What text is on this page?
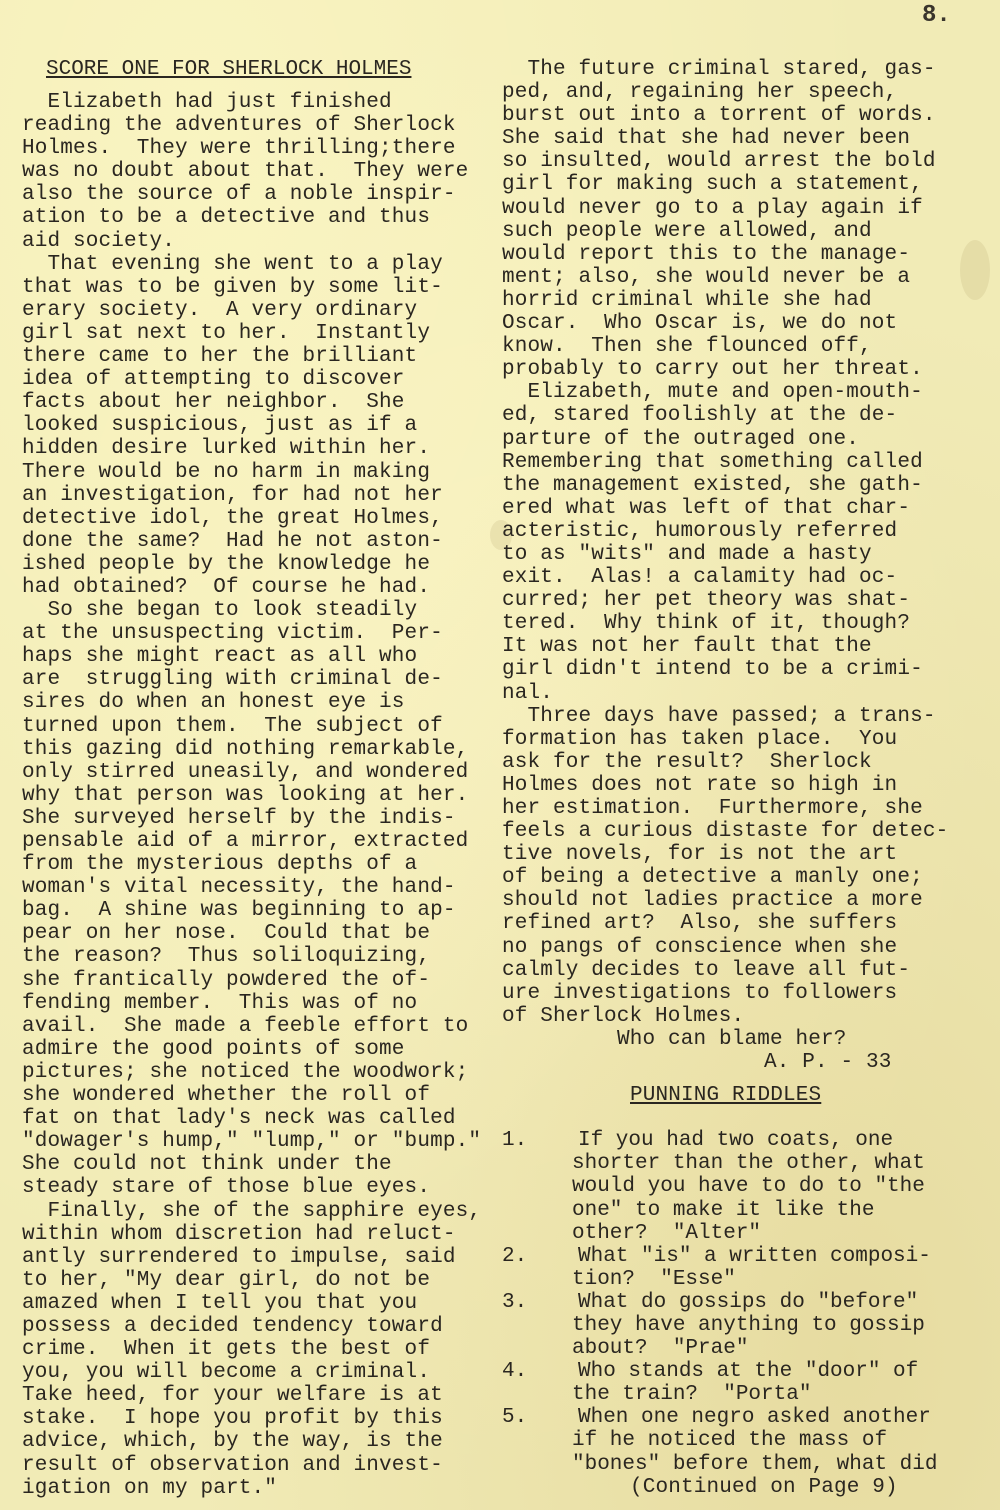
8.
SCORE ONE FOR SHERLOCK HOLMES
Elizabeth had just finished
reading the adventures of Sherlock
Holmes.  They were thrilling;there
was no doubt about that.  They were
also the source of a noble inspir-
ation to be a detective and thus
aid society.
That evening she went to a play
that was to be given by some lit-
erary society.  A very ordinary
girl sat next to her.  Instantly
there came to her the brilliant
idea of attempting to discover
facts about her neighbor.  She
looked suspicious, just as if a
hidden desire lurked within her.
There would be no harm in making
an investigation, for had not her
detective idol, the great Holmes,
done the same?  Had he not aston-
ished people by the knowledge he
had obtained?  Of course he had.
So she began to look steadily
at the unsuspecting victim.  Per-
haps she might react as all who
are  struggling with criminal de-
sires do when an honest eye is
turned upon them.  The subject of
this gazing did nothing remarkable,
only stirred uneasily, and wondered
why that person was looking at her.
She surveyed herself by the indis-
pensable aid of a mirror, extracted
from the mysterious depths of a
woman's vital necessity, the hand-
bag.  A shine was beginning to ap-
pear on her nose.  Could that be
the reason?  Thus soliloquizing,
she frantically powdered the of-
fending member.  This was of no
avail.  She made a feeble effort to
admire the good points of some
pictures; she noticed the woodwork;
she wondered whether the roll of
fat on that lady's neck was called
"dowager's hump," "lump," or "bump."
She could not think under the
steady stare of those blue eyes.
Finally, she of the sapphire eyes,
within whom discretion had reluct-
antly surrendered to impulse, said
to her, "My dear girl, do not be
amazed when I tell you that you
possess a decided tendency toward
crime.  When it gets the best of
you, you will become a criminal.
Take heed, for your welfare is at
stake.  I hope you profit by this
advice, which, by the way, is the
result of observation and invest-
igation on my part."
The future criminal stared, gas-
ped, and, regaining her speech,
burst out into a torrent of words.
She said that she had never been
so insulted, would arrest the bold
girl for making such a statement,
would never go to a play again if
such people were allowed, and
would report this to the manage-
ment; also, she would never be a
horrid criminal while she had
Oscar.  Who Oscar is, we do not
know.  Then she flounced off,
probably to carry out her threat.
Elizabeth, mute and open-mouth-
ed, stared foolishly at the de-
parture of the outraged one.
Remembering that something called
the management existed, she gath-
ered what was left of that char-
acteristic, humorously referred
to as "wits" and made a hasty
exit.  Alas! a calamity had oc-
curred; her pet theory was shat-
tered.  Why think of it, though?
It was not her fault that the
girl didn't intend to be a crimi-
nal.
Three days have passed; a trans-
formation has taken place.  You
ask for the result?  Sherlock
Holmes does not rate so high in
her estimation.  Furthermore, she
feels a curious distaste for detec-
tive novels, for is not the art
of being a detective a manly one;
should not ladies practice a more
refined art?  Also, she suffers
no pangs of conscience when she
calmly decides to leave all fut-
ure investigations to followers
of Sherlock Holmes.
Who can blame her?
A. P. - 33
PUNNING RIDDLES
1.	If you had two coats, one
shorter than the other, what
would you have to do to "the
one" to make it like the
other?  "Alter"
2.	What "is" a written composi-
tion?  "Esse"
3.	What do gossips do "before"
they have anything to gossip
about?  "Prae"
4.	Who stands at the "door" of
the train?  "Porta"
5.	When one negro asked another
if he noticed the mass of
"bones" before them, what did
(Continued on Page 9)
